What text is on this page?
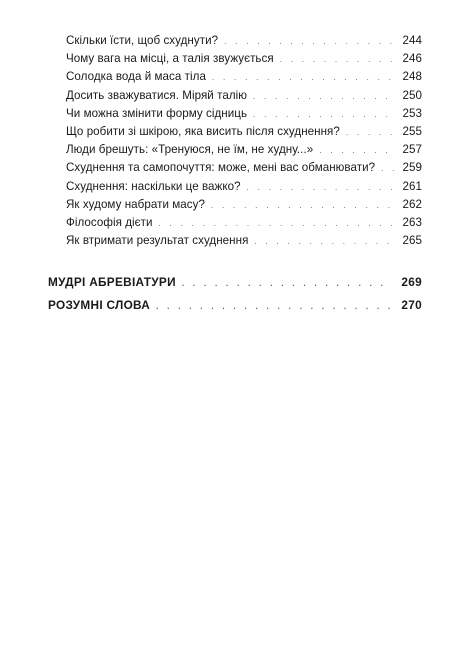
Скільки їсти, щоб схуднути? . . .	244
Чому вага на місці, а талія звужується . . .	246
Солодка вода й маса тіла . . .	248
Досить зважуватися. Міряй талію . . .	250
Чи можна змінити форму сідниць . . .	253
Що робити зі шкірою, яка висить після схуднення? . . .	255
Люди брешуть: «Тренуюся, не їм, не худну...» . . .	257
Схуднення та самопочуття: може, мені вас обманювати? . . .	259
Схуднення: наскільки це важко? . . .	261
Як худому набрати масу? . . .	262
Філософія дієти . . .	263
Як втримати результат схуднення . . .	265
МУДРІ АБРЕВІАТУРИ . . .	269
РОЗУМНІ СЛОВА . . .	270
